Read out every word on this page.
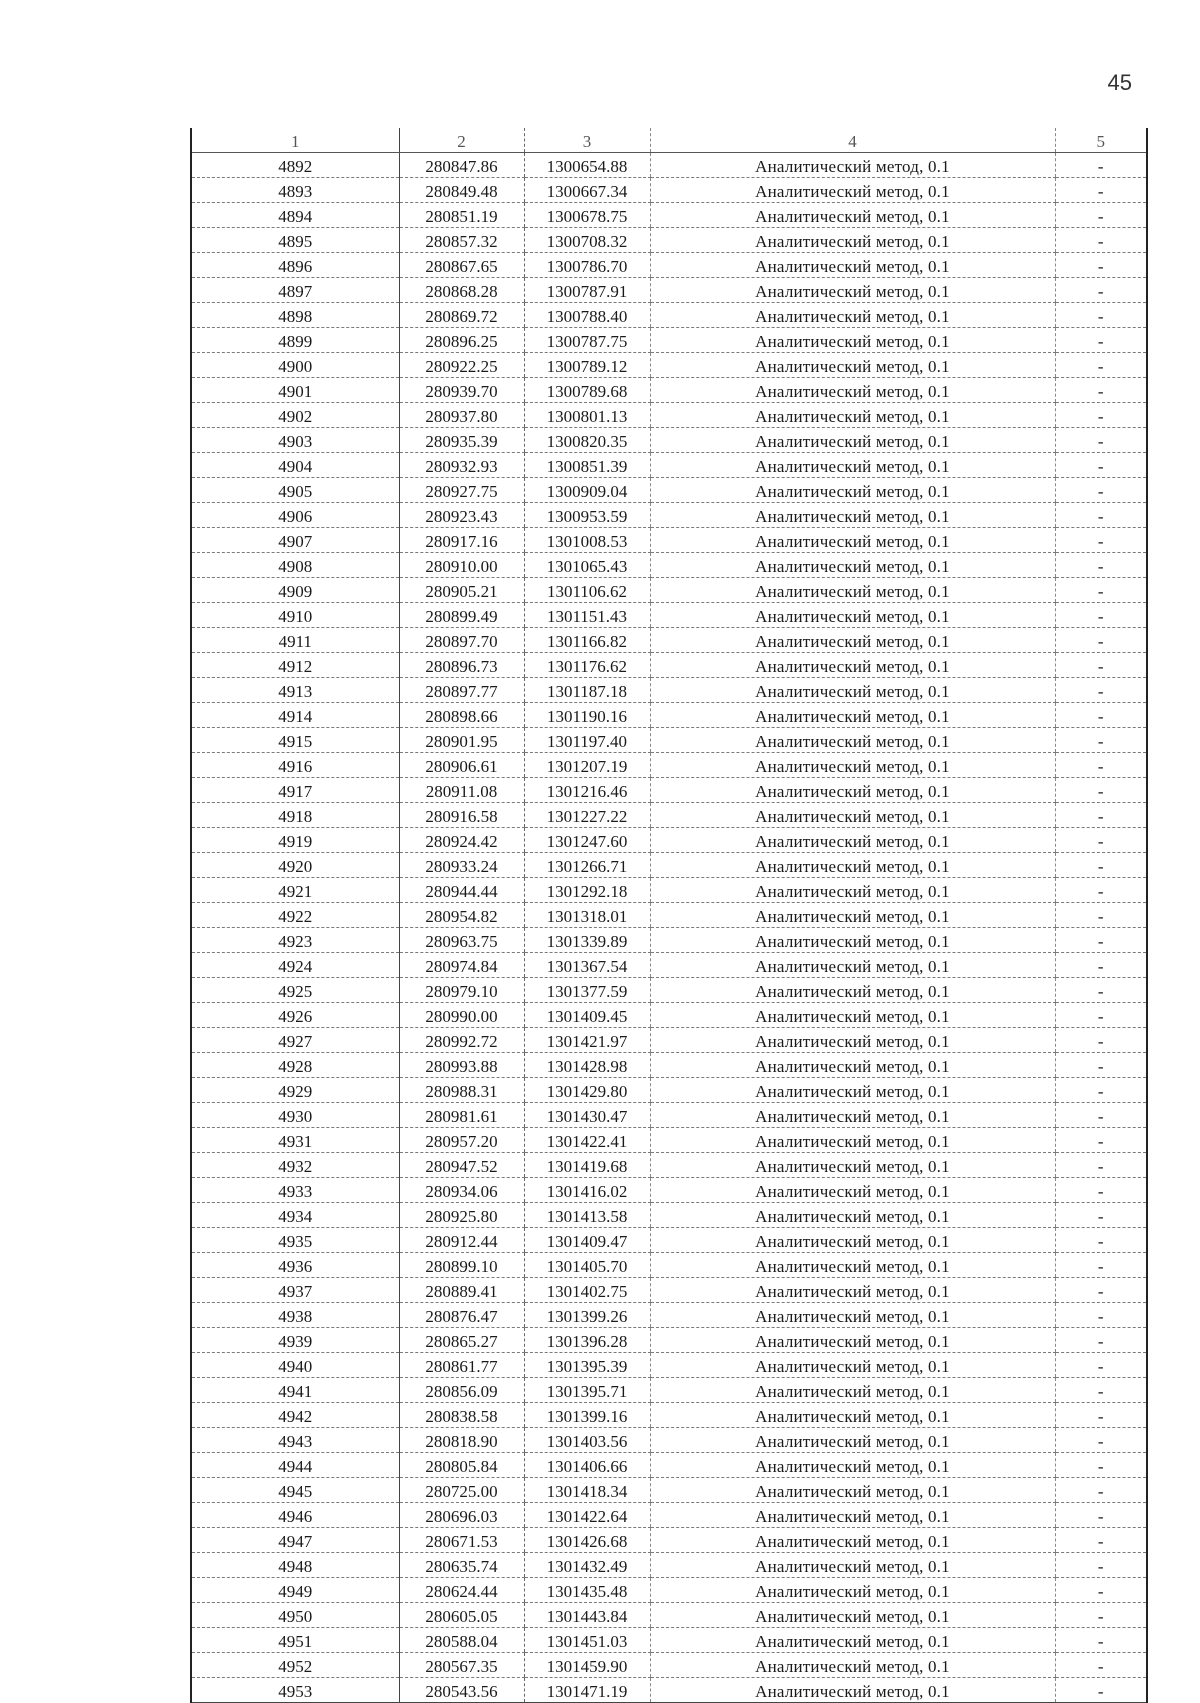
45
1	2	3	4	5
4892	280847.86	1300654.88	Аналитический метод, 0.1	-
4893	280849.48	1300667.34	Аналитический метод, 0.1	-
4894	280851.19	1300678.75	Аналитический метод, 0.1	-
4895	280857.32	1300708.32	Аналитический метод, 0.1	-
4896	280867.65	1300786.70	Аналитический метод, 0.1	-
4897	280868.28	1300787.91	Аналитический метод, 0.1	-
4898	280869.72	1300788.40	Аналитический метод, 0.1	-
4899	280896.25	1300787.75	Аналитический метод, 0.1	-
4900	280922.25	1300789.12	Аналитический метод, 0.1	-
4901	280939.70	1300789.68	Аналитический метод, 0.1	-
4902	280937.80	1300801.13	Аналитический метод, 0.1	-
4903	280935.39	1300820.35	Аналитический метод, 0.1	-
4904	280932.93	1300851.39	Аналитический метод, 0.1	-
4905	280927.75	1300909.04	Аналитический метод, 0.1	-
4906	280923.43	1300953.59	Аналитический метод, 0.1	-
4907	280917.16	1301008.53	Аналитический метод, 0.1	-
4908	280910.00	1301065.43	Аналитический метод, 0.1	-
4909	280905.21	1301106.62	Аналитический метод, 0.1	-
4910	280899.49	1301151.43	Аналитический метод, 0.1	-
4911	280897.70	1301166.82	Аналитический метод, 0.1	-
4912	280896.73	1301176.62	Аналитический метод, 0.1	-
4913	280897.77	1301187.18	Аналитический метод, 0.1	-
4914	280898.66	1301190.16	Аналитический метод, 0.1	-
4915	280901.95	1301197.40	Аналитический метод, 0.1	-
4916	280906.61	1301207.19	Аналитический метод, 0.1	-
4917	280911.08	1301216.46	Аналитический метод, 0.1	-
4918	280916.58	1301227.22	Аналитический метод, 0.1	-
4919	280924.42	1301247.60	Аналитический метод, 0.1	-
4920	280933.24	1301266.71	Аналитический метод, 0.1	-
4921	280944.44	1301292.18	Аналитический метод, 0.1	-
4922	280954.82	1301318.01	Аналитический метод, 0.1	-
4923	280963.75	1301339.89	Аналитический метод, 0.1	-
4924	280974.84	1301367.54	Аналитический метод, 0.1	-
4925	280979.10	1301377.59	Аналитический метод, 0.1	-
4926	280990.00	1301409.45	Аналитический метод, 0.1	-
4927	280992.72	1301421.97	Аналитический метод, 0.1	-
4928	280993.88	1301428.98	Аналитический метод, 0.1	-
4929	280988.31	1301429.80	Аналитический метод, 0.1	-
4930	280981.61	1301430.47	Аналитический метод, 0.1	-
4931	280957.20	1301422.41	Аналитический метод, 0.1	-
4932	280947.52	1301419.68	Аналитический метод, 0.1	-
4933	280934.06	1301416.02	Аналитический метод, 0.1	-
4934	280925.80	1301413.58	Аналитический метод, 0.1	-
4935	280912.44	1301409.47	Аналитический метод, 0.1	-
4936	280899.10	1301405.70	Аналитический метод, 0.1	-
4937	280889.41	1301402.75	Аналитический метод, 0.1	-
4938	280876.47	1301399.26	Аналитический метод, 0.1	-
4939	280865.27	1301396.28	Аналитический метод, 0.1	-
4940	280861.77	1301395.39	Аналитический метод, 0.1	-
4941	280856.09	1301395.71	Аналитический метод, 0.1	-
4942	280838.58	1301399.16	Аналитический метод, 0.1	-
4943	280818.90	1301403.56	Аналитический метод, 0.1	-
4944	280805.84	1301406.66	Аналитический метод, 0.1	-
4945	280725.00	1301418.34	Аналитический метод, 0.1	-
4946	280696.03	1301422.64	Аналитический метод, 0.1	-
4947	280671.53	1301426.68	Аналитический метод, 0.1	-
4948	280635.74	1301432.49	Аналитический метод, 0.1	-
4949	280624.44	1301435.48	Аналитический метод, 0.1	-
4950	280605.05	1301443.84	Аналитический метод, 0.1	-
4951	280588.04	1301451.03	Аналитический метод, 0.1	-
4952	280567.35	1301459.90	Аналитический метод, 0.1	-
4953	280543.56	1301471.19	Аналитический метод, 0.1	-
